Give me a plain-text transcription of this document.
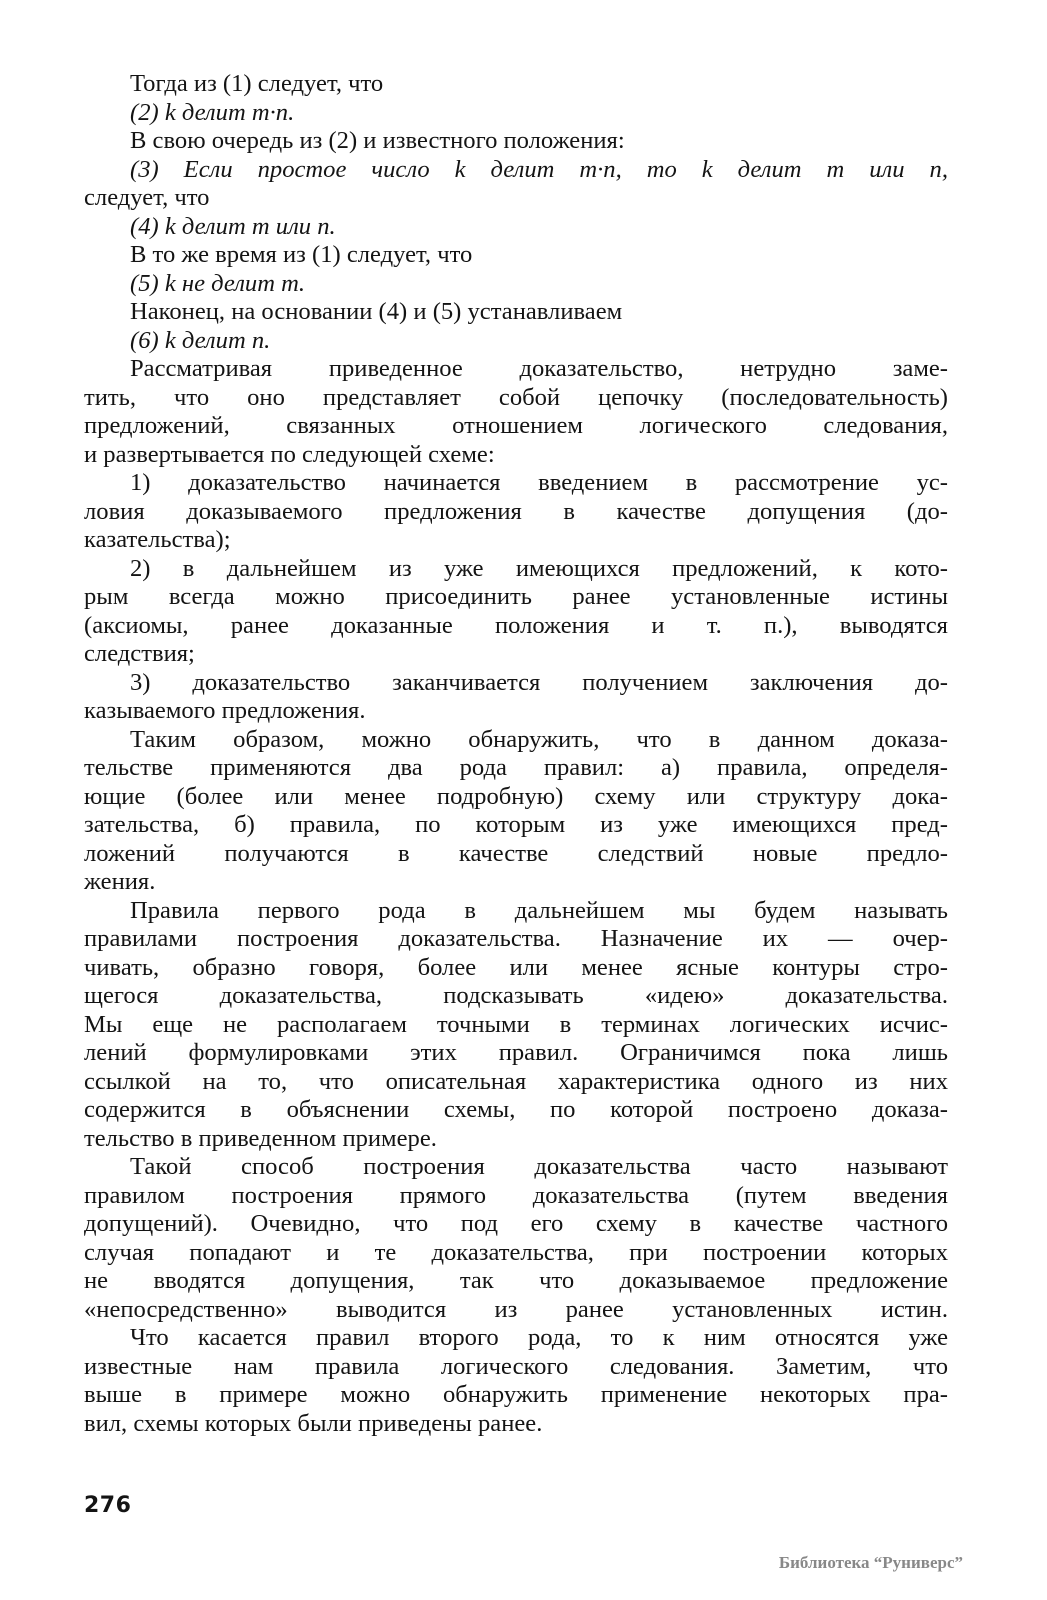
Тогда из (1) следует, что
(2) k делит m·n.
В свою очередь из (2) и известного положения:
(3) Если простое число k делит m·n, то k делит m или n,
следует, что
(4) k делит m или n.
В то же время из (1) следует, что
(5) k не делит m.
Наконец, на основании (4) и (5) устанавливаем
(6) k делит n.
Рассматривая приведенное доказательство, нетрудно заме-
тить, что оно представляет собой цепочку (последовательность)
предложений, связанных отношением логического следования,
и развертывается по следующей схеме:
1) доказательство начинается введением в рассмотрение ус-
ловия доказываемого предложения в качестве допущения (до-
казательства);
2) в дальнейшем из уже имеющихся предложений, к кото-
рым всегда можно присоединить ранее установленные истины
(аксиомы, ранее доказанные положения и т. п.), выводятся
следствия;
3) доказательство заканчивается получением заключения до-
казываемого предложения.
Таким образом, можно обнаружить, что в данном доказа-
тельстве применяются два рода правил: а) правила, определя-
ющие (более или менее подробную) схему или структуру дока-
зательства, б) правила, по которым из уже имеющихся пред-
ложений получаются в качестве следствий новые предло-
жения.
Правила первого рода в дальнейшем мы будем называть
правилами построения доказательства. Назначение их — очер-
чивать, образно говоря, более или менее ясные контуры стро-
щегося доказательства, подсказывать «идею» доказательства.
Мы еще не располагаем точными в терминах логических исчис-
лений формулировками этих правил. Ограничимся пока лишь
ссылкой на то, что описательная характеристика одного из них
содержится в объяснении схемы, по которой построено доказа-
тельство в приведенном примере.
Такой способ построения доказательства часто называют
правилом построения прямого доказательства (путем введения
допущений). Очевидно, что под его схему в качестве частного
случая попадают и те доказательства, при построении которых
не вводятся допущения, так что доказываемое предложение
«непосредственно» выводится из ранее установленных истин.
Что касается правил второго рода, то к ним относятся уже
известные нам правила логического следования. Заметим, что
выше в примере можно обнаружить применение некоторых пра-
вил, схемы которых были приведены ранее.
276
Библиотека “Руниверс”
